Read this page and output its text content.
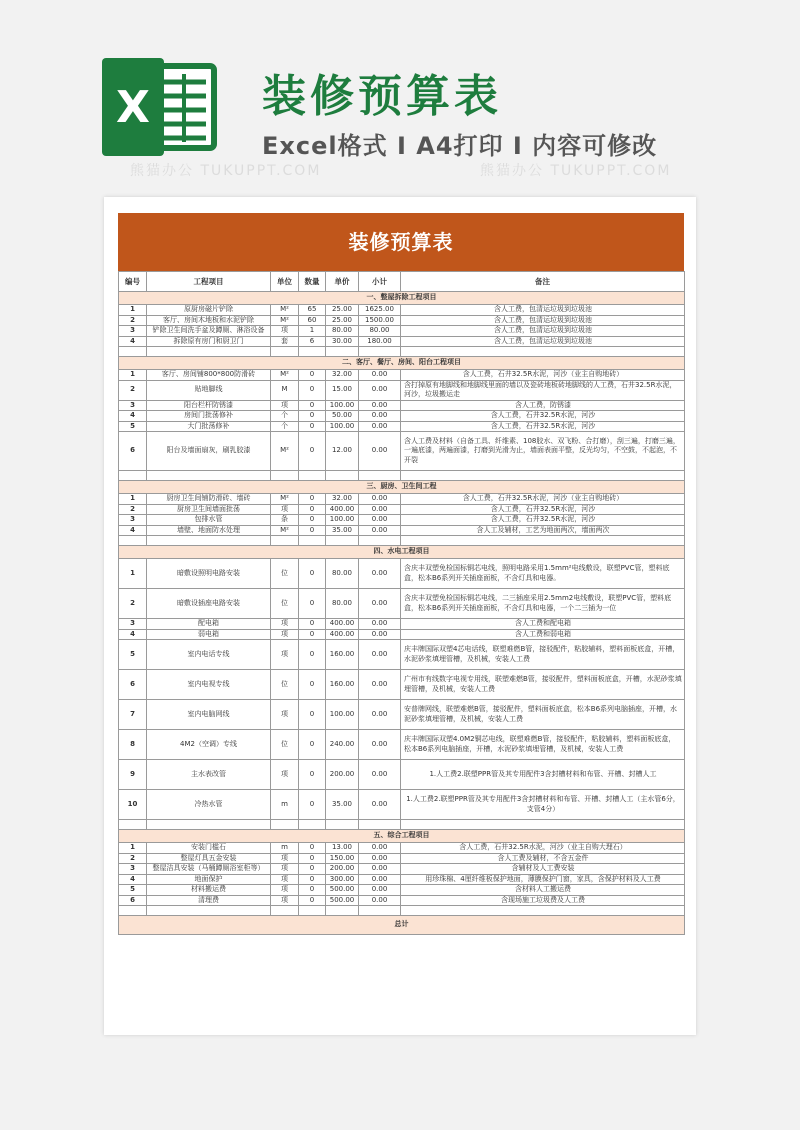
X	装修预算表
Excel格式 I A4打印 I 内容可修改
熊猫办公 TUKUPPT.COM	熊猫办公 TUKUPPT.COM
装修预算表
编号	工程项目	单位	数量	单价	小计	备注
一、整屋拆除工程项目						
1	原厨房磁片铲除	M²	65	25.00	1625.00	含人工费，包清运垃圾到垃圾池
2	客厅、房间木地板和水泥铲除	M²	60	25.00	1500.00	含人工费，包清运垃圾到垃圾池
3	铲除卫生间洗手盆及蹲厕、淋浴设备	项	1	80.00	80.00	含人工费，包清运垃圾到垃圾池
4	拆除原有房门和厨卫门	套	6	30.00	180.00	含人工费，包清运垃圾到垃圾池

二、客厅、餐厅、房间、阳台工程项目						
1	客厅、房间铺800*800防滑砖	M²	0	32.00	0.00	含人工费，石井32.5R水泥，河沙（业主自购地砖）
2	贴地脚线	M	0	15.00	0.00	含打掉原有地脚线和地脚线里面的墙以及瓷砖地板砖地脚线的人工费，石井32.5R水泥，河沙，垃圾搬运走
3	阳台栏杆防锈漆	项	0	100.00	0.00	含人工费，防锈漆
4	房间门批荡修补	个	0	50.00	0.00	含人工费，石井32.5R水泥，河沙
5	大门批荡修补	个	0	100.00	0.00	含人工费，石井32.5R水泥，河沙
6	阳台及墙面扇灰，刷乳胶漆	M²	0	12.00	0.00	含人工费及材料（自备工具、纤维素、108胶水、双飞粉、合打磨），刮三遍，打磨三遍，一遍底漆，两遍面漆，打磨到光滑为止，墙面表面平整，反光均匀，不空鼓，不起泡，不开裂

三、厨房、卫生间工程						
1	厨房卫生间铺防滑砖、墙砖	M²	0	32.00	0.00	含人工费，石井32.5R水泥，河沙（业主自购地砖）
2	厨房卫生间墙面批荡	项	0	400.00	0.00	含人工费，石井32.5R水泥，河沙
3	包排水管	条	0	100.00	0.00	含人工费，石井32.5R水泥，河沙
4	墙壁、地面防水处理	M²	0	35.00	0.00	含人工及辅材，工艺为地面两次，墙面两次

四、水电工程项目						
1	暗敷设照明电路安装	位	0	80.00	0.00	含庆丰双塑免检国标铜芯电线，照明电路采用1.5mm²电线敷设，联塑PVC管，塑料底盒，松本B6系列开关插座面板，不含灯具和电器。
2	暗敷设插座电路安装	位	0	80.00	0.00	含庆丰双塑免检国标铜芯电线，二三插座采用2.5mm2电线敷设，联塑PVC管，塑料底盒，松本B6系列开关插座面板，不含灯具和电器，一个二三插为一位
3	配电箱	项	0	400.00	0.00	含人工费和配电箱
4	弱电箱	项	0	400.00	0.00	含人工费和弱电箱
5	室内电话专线	项	0	160.00	0.00	庆丰牌国际双塑4芯电话线，联塑难燃B管，接驳配件，粘胶辅料，塑料面板底盒，开槽，水泥砂浆填埋管槽，及机械，安装人工费
6	室内电视专线	位	0	160.00	0.00	广州市有线数字电视专用线，联塑难燃B管，接驳配件，塑料面板底盒，开槽，水泥砂浆填埋管槽，及机械，安装人工费
7	室内电脑网线	项	0	100.00	0.00	安普牌网线，联塑难燃B管，接驳配件，塑料面板底盒，松本B6系列电脑插座，开槽，水泥砂浆填埋管槽，及机械，安装人工费
8	4M2（空调）专线	位	0	240.00	0.00	庆丰牌国际双塑4.0M2铜芯电线，联塑难燃B管，接驳配件，粘胶辅料，塑料面板底盒，松本B6系列电脑插座，开槽，水泥砂浆填埋管槽，及机械，安装人工费
9	主水表改管	项	0	200.00	0.00	1.人工费2.联塑PPR管及其专用配件3含封槽材料和布管、开槽、封槽人工
10	冷热水管	m	0	35.00	0.00	1.人工费2.联塑PPR管及其专用配件3含封槽材料和布管、开槽、封槽人工（主水管6分，支管4分）

五、综合工程项目						
1	安装门槛石	m	0	13.00	0.00	含人工费，石井32.5R水泥，河沙（业主自购大理石）
2	整屋灯具五金安装	项	0	150.00	0.00	含人工费及辅材，不含五金件
3	整屋洁具安装（马桶蹲厕浴室柜等）	项	0	200.00	0.00	含辅材及人工费安装
4	地面保护	项	0	300.00	0.00	用珍珠棉、4厘纤维板保护地面，薄膜保护门窗，家具，含保护材料及人工费
5	材料搬运费	项	0	500.00	0.00	含材料人工搬运费
6	清理费	项	0	500.00	0.00	含现场施工垃圾费及人工费

总计						
